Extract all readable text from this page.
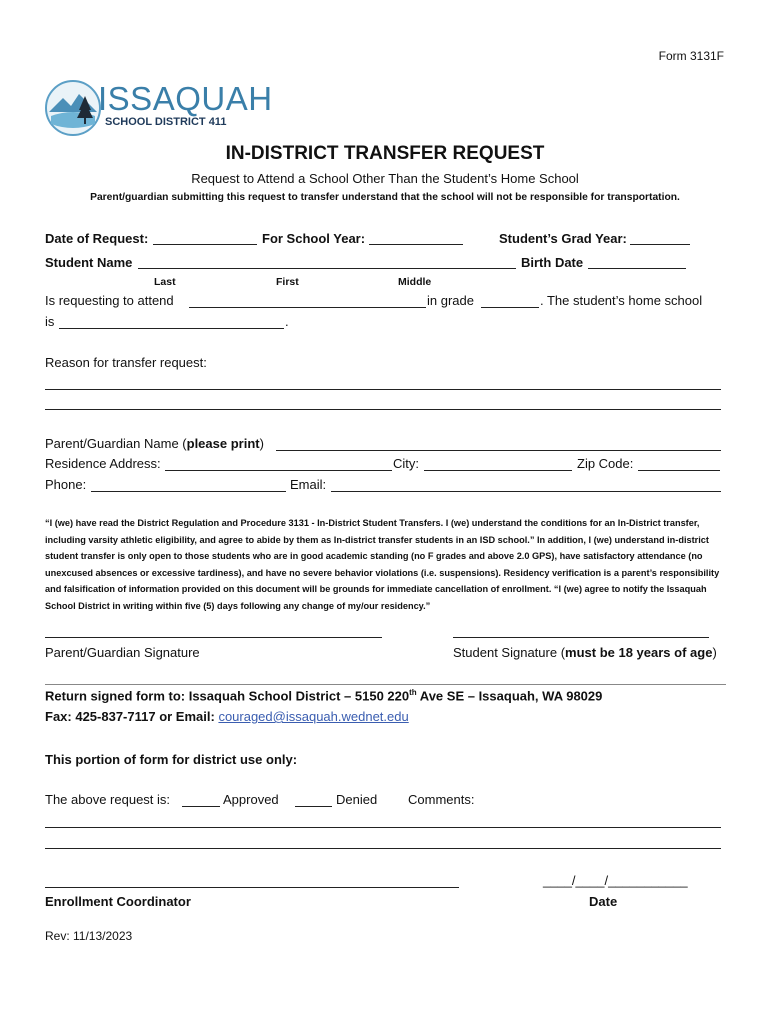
Form 3131F
ISSAQUAH
SCHOOL DISTRICT 411
IN-DISTRICT TRANSFER REQUEST
Request to Attend a School Other Than the Student’s Home School
Parent/guardian submitting this request to transfer understand that the school will not be responsible for transportation.
Date of Request:	For School Year:	Student’s Grad Year:
Student Name	Birth Date
Last	First	Middle
Is requesting to attend	in grade	. The student’s home school
is	.
Reason for transfer request:
Parent/Guardian Name (please print)
Residence Address:	City:	Zip Code:
Phone:	Email:
“I (we) have read the District Regulation and Procedure 3131 - In-District Student Transfers. I (we) understand the conditions for an In-District transfer, including varsity athletic eligibility, and agree to abide by them as In-district transfer students in an ISD school.” In addition, I (we) understand in-district student transfer is only open to those students who are in good academic standing (no F grades and above 2.0 GPS), have satisfactory attendance (no unexcused absences or excessive tardiness), and have no severe behavior violations (i.e. suspensions). Residency verification is a parent’s responsibility and falsification of information provided on this document will be grounds for immediate cancellation of enrollment. “I (we) agree to notify the Issaquah School District in writing within five (5) days following any change of my/our residency.”
Parent/Guardian Signature	Student Signature (must be 18 years of age)
Return signed form to: Issaquah School District – 5150 220th Ave SE – Issaquah, WA 98029
Fax: 425-837-7117 or Email: couraged@issaquah.wednet.edu
This portion of form for district use only:
The above request is:	Approved	Denied Comments:
____/____/___________
Enrollment Coordinator	Date
Rev: 11/13/2023
